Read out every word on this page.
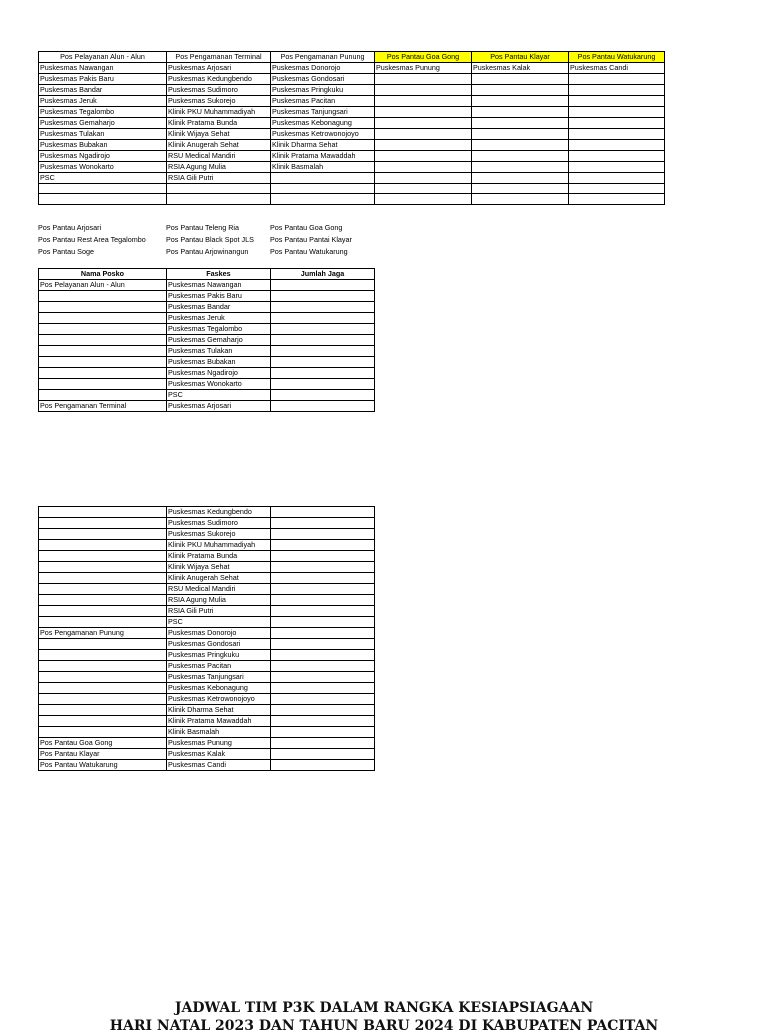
Pos Pelayanan Alun - Alun	Pos Pengamanan Terminal	Pos Pengamanan Punung	Pos Pantau Goa Gong	Pos Pantau Klayar	Pos Pantau Watukarung
Puskesmas Nawangan	Puskesmas Arjosari	Puskesmas Donorojo	Puskesmas Punung	Puskesmas Kalak	Puskesmas Candi
Puskesmas Pakis Baru	Puskesmas Kedungbendo	Puskesmas Gondosari			
Puskesmas Bandar	Puskesmas Sudimoro	Puskesmas Pringkuku			
Puskesmas Jeruk	Puskesmas Sukorejo	Puskesmas Pacitan			
Puskesmas Tegalombo	Klinik PKU Muhammadiyah	Puskesmas Tanjungsari			
Puskesmas Gemaharjo	Klinik Pratama Bunda	Puskesmas Kebonagung			
Puskesmas Tulakan	Klinik Wijaya Sehat	Puskesmas Ketrowonojoyo			
Puskesmas Bubakan	Klinik Anugerah Sehat	Klinik Dharma Sehat			
Puskesmas Ngadirojo	RSU Medical Mandiri	Klinik Pratama Mawaddah			
Puskesmas Wonokarto	RSIA Agung Mulia	Klinik Basmalah			
PSC	RSIA Gili Putri				

Pos Pantau Arjosari	Pos Pantau Teleng Ria	Pos Pantau Goa Gong
Pos Pantau Rest Area Tegalombo	Pos Pantau Black Spot JLS	Pos Pantau Pantai Klayar
Pos Pantau Soge	Pos Pantau Arjowinangun	Pos Pantau Watukarung
Nama Posko	Faskes	Jumlah Jaga
Pos Pelayanan Alun - Alun	Puskesmas Nawangan	
	Puskesmas Pakis Baru	
	Puskesmas Bandar	
	Puskesmas Jeruk	
	Puskesmas Tegalombo	
	Puskesmas Gemaharjo	
	Puskesmas Tulakan	
	Puskesmas Bubakan	
	Puskesmas Ngadirojo	
	Puskesmas Wonokarto	
	PSC	
Pos Pengamanan Terminal	Puskesmas Arjosari	
	Puskesmas Kedungbendo	
	Puskesmas Sudimoro	
	Puskesmas Sukorejo	
	Klinik PKU Muhammadiyah	
	Klinik Pratama Bunda	
	Klinik Wijaya Sehat	
	Klinik Anugerah Sehat	
	RSU Medical Mandiri	
	RSIA Agung Mulia	
	RSIA Gili Putri	
	PSC	
Pos Pengamanan Punung	Puskesmas Donorojo	
	Puskesmas Gondosari	
	Puskesmas Pringkuku	
	Puskesmas Pacitan	
	Puskesmas Tanjungsari	
	Puskesmas Kebonagung	
	Puskesmas Ketrowonojoyo	
	Klinik Dharma Sehat	
	Klinik Pratama Mawaddah	
	Klinik Basmalah	
Pos Pantau Goa Gong	Puskesmas Punung	
Pos Pantau Klayar	Puskesmas Kalak	
Pos Pantau Watukarung	Puskesmas Candi	
JADWAL TIM P3K DALAM RANGKA KESIAPSIAGAAN
HARI NATAL 2023 DAN TAHUN BARU 2024 DI KABUPATEN PACITAN
